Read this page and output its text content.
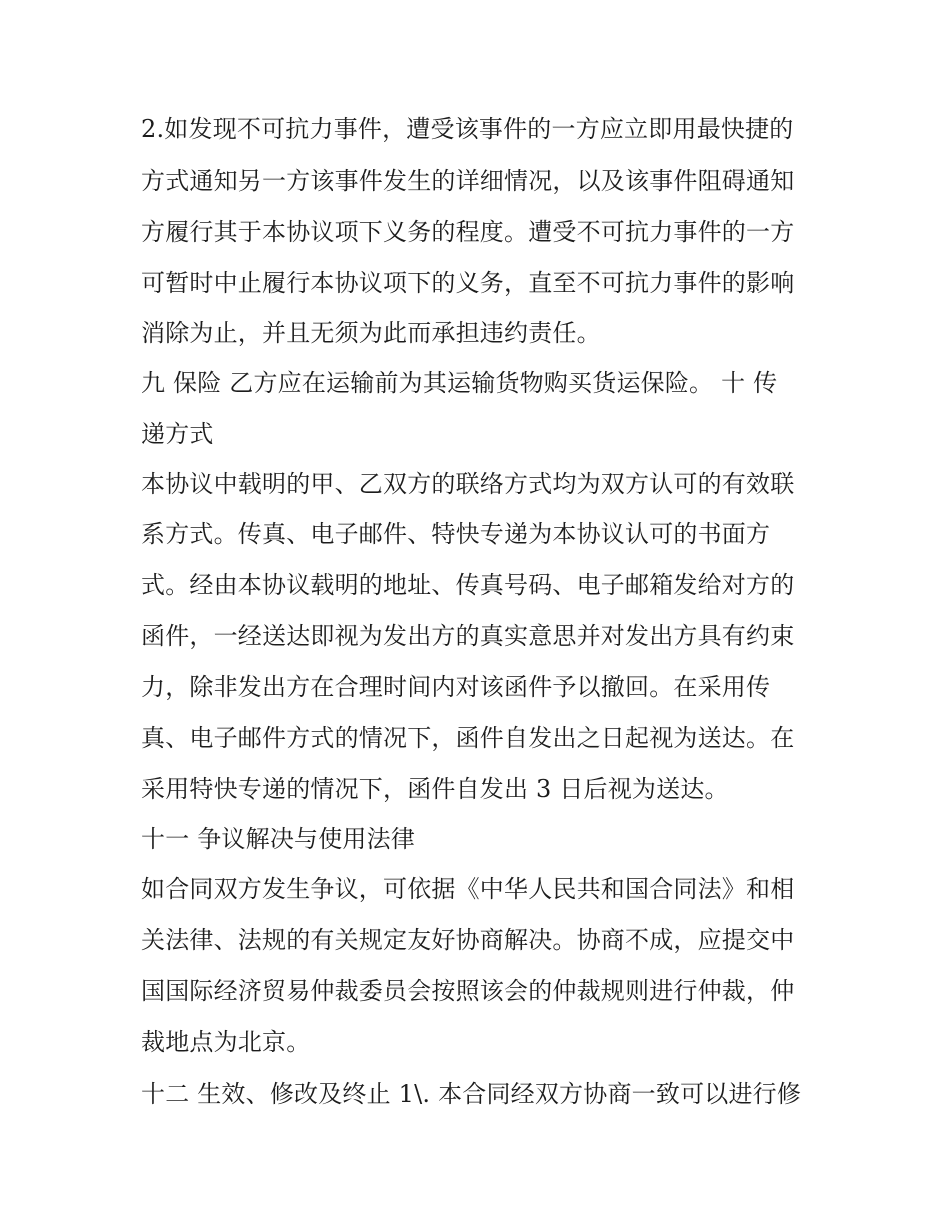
2.如发现不可抗力事件，遭受该事件的一方应立即用最快捷的
方式通知另一方该事件发生的详细情况，以及该事件阻碍通知
方履行其于本协议项下义务的程度。遭受不可抗力事件的一方
可暂时中止履行本协议项下的义务，直至不可抗力事件的影响
消除为止，并且无须为此而承担违约责任。
九 保险 乙方应在运输前为其运输货物购买货运保险。 十 传
递方式
本协议中载明的甲、乙双方的联络方式均为双方认可的有效联
系方式。传真、电子邮件、特快专递为本协议认可的书面方
式。经由本协议载明的地址、传真号码、电子邮箱发给对方的
函件，一经送达即视为发出方的真实意思并对发出方具有约束
力，除非发出方在合理时间内对该函件予以撤回。在采用传
真、电子邮件方式的情况下，函件自发出之日起视为送达。在
采用特快专递的情况下，函件自发出 3 日后视为送达。
十一 争议解决与使用法律
如合同双方发生争议，可依据《中华人民共和国合同法》和相
关法律、法规的有关规定友好协商解决。协商不成，应提交中
国国际经济贸易仲裁委员会按照该会的仲裁规则进行仲裁，仲
裁地点为北京。
十二 生效、修改及终止 1\. 本合同经双方协商一致可以进行修
